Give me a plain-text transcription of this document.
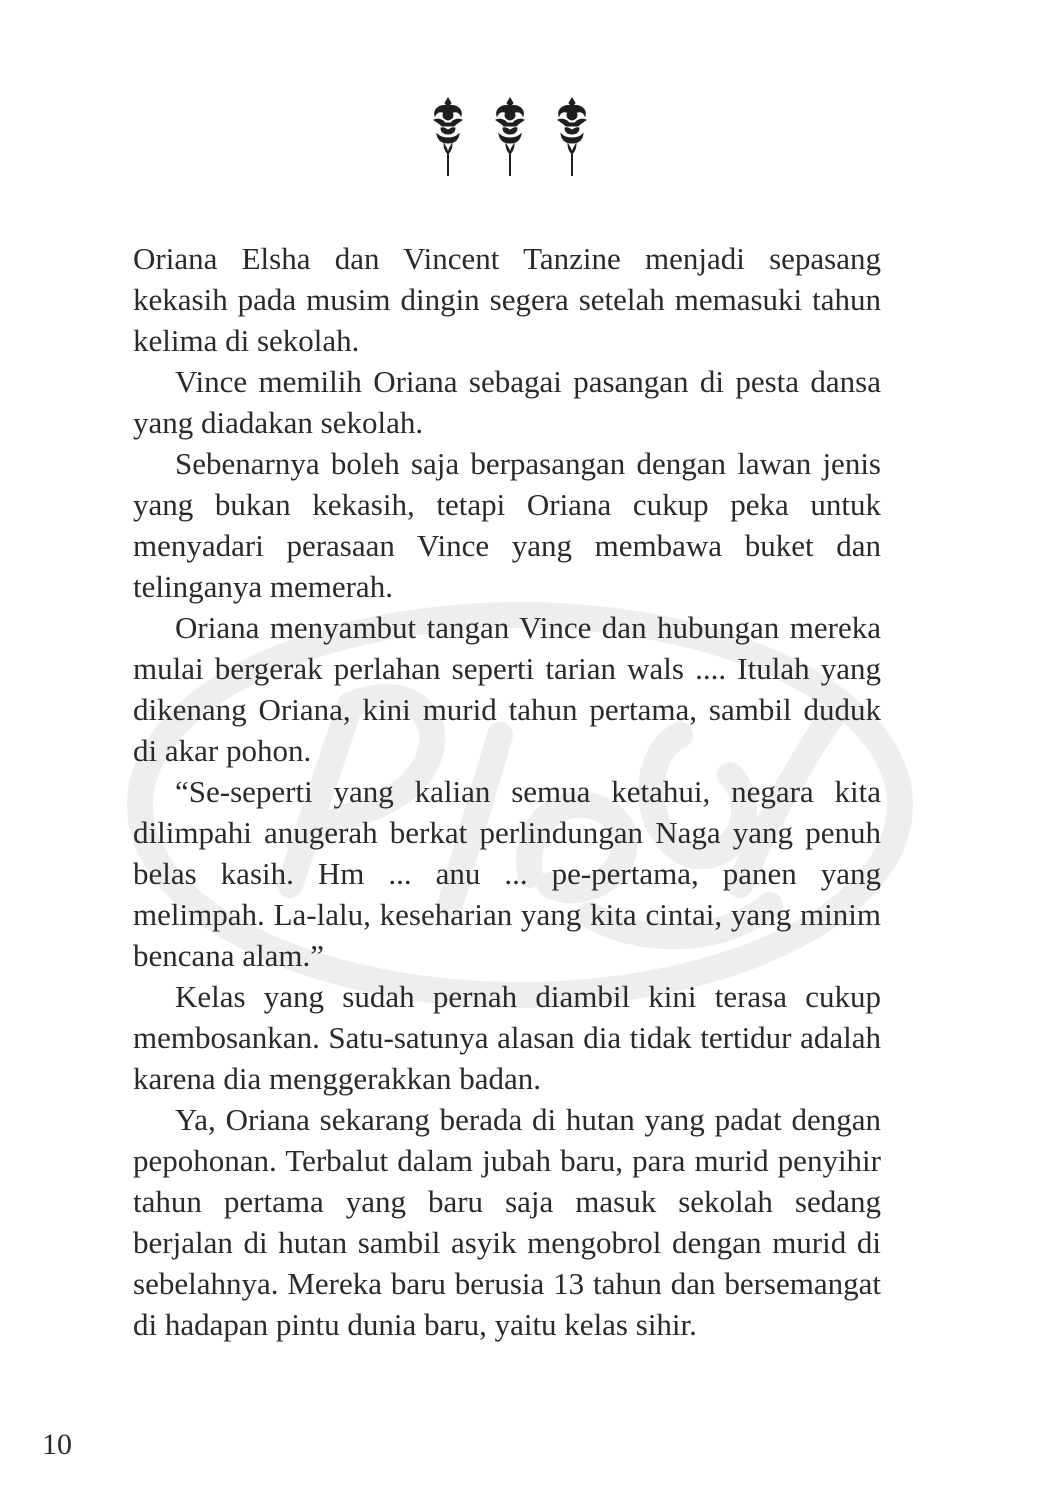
Oriana Elsha dan Vincent Tanzine menjadi sepasang kekasih pada musim dingin segera setelah memasuki tahun kelima di sekolah.

Vince memilih Oriana sebagai pasangan di pesta dansa yang diadakan sekolah.

Sebenarnya boleh saja berpasangan dengan lawan jenis yang bukan kekasih, tetapi Oriana cukup peka untuk menyadari perasaan Vince yang membawa buket dan telinganya memerah.

Oriana menyambut tangan Vince dan hubungan mereka mulai bergerak perlahan seperti tarian wals .... Itulah yang dikenang Oriana, kini murid tahun pertama, sambil duduk di akar pohon.

“Se-seperti yang kalian semua ketahui, negara kita dilimpahi anugerah berkat perlindungan Naga yang penuh belas kasih. Hm ... anu ... pe-pertama, panen yang melimpah. La-lalu, keseharian yang kita cintai, yang minim bencana alam.”

Kelas yang sudah pernah diambil kini terasa cukup membosankan. Satu-satunya alasan dia tidak tertidur adalah karena dia menggerakkan badan.

Ya, Oriana sekarang berada di hutan yang padat dengan pepohonan. Terbalut dalam jubah baru, para murid penyihir tahun pertama yang baru saja masuk sekolah sedang berjalan di hutan sambil asyik mengobrol dengan murid di sebelahnya. Mereka baru berusia 13 tahun dan bersemangat di hadapan pintu dunia baru, yaitu kelas sihir.

10
